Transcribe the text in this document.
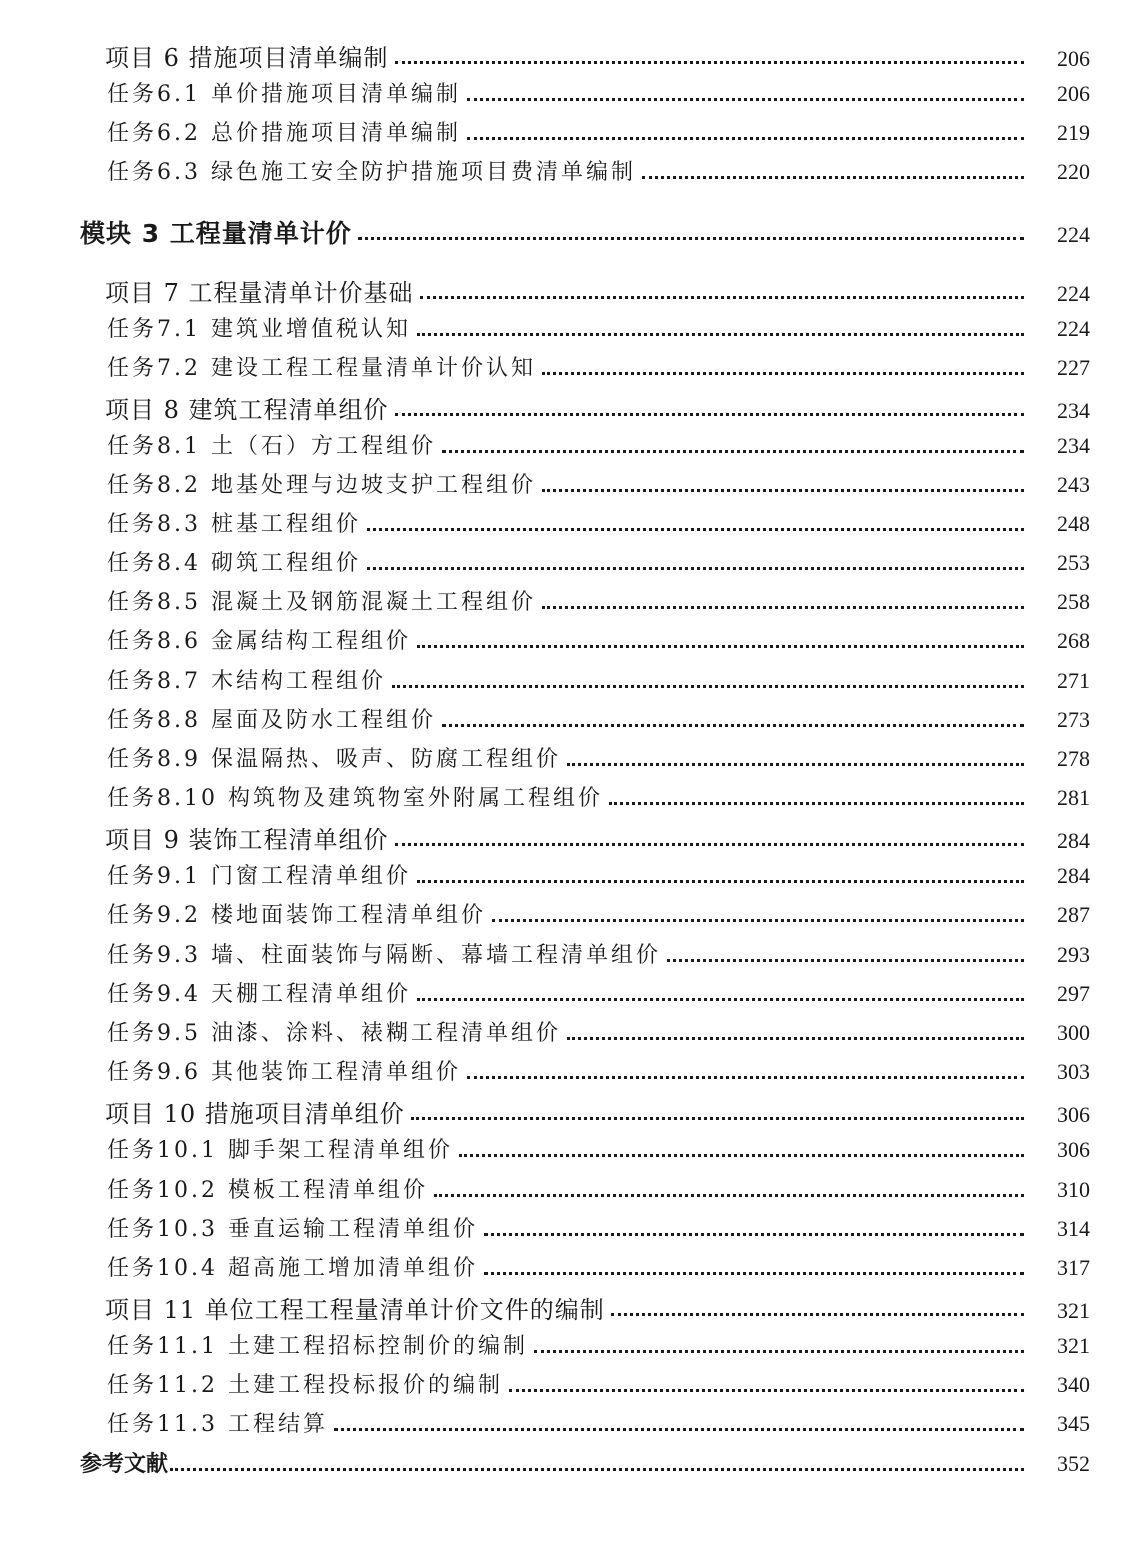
项目 6 措施项目清单编制	206
任务6.1 单价措施项目清单编制	206
任务6.2 总价措施项目清单编制	219
任务6.3 绿色施工安全防护措施项目费清单编制	220
模块 3 工程量清单计价	224
项目 7 工程量清单计价基础	224
任务7.1 建筑业增值税认知	224
任务7.2 建设工程工程量清单计价认知	227
项目 8 建筑工程清单组价	234
任务8.1 土（石）方工程组价	234
任务8.2 地基处理与边坡支护工程组价	243
任务8.3 桩基工程组价	248
任务8.4 砌筑工程组价	253
任务8.5 混凝土及钢筋混凝土工程组价	258
任务8.6 金属结构工程组价	268
任务8.7 木结构工程组价	271
任务8.8 屋面及防水工程组价	273
任务8.9 保温隔热、吸声、防腐工程组价	278
任务8.10 构筑物及建筑物室外附属工程组价	281
项目 9 装饰工程清单组价	284
任务9.1 门窗工程清单组价	284
任务9.2 楼地面装饰工程清单组价	287
任务9.3 墙、柱面装饰与隔断、幕墙工程清单组价	293
任务9.4 天棚工程清单组价	297
任务9.5 油漆、涂料、裱糊工程清单组价	300
任务9.6 其他装饰工程清单组价	303
项目 10 措施项目清单组价	306
任务10.1 脚手架工程清单组价	306
任务10.2 模板工程清单组价	310
任务10.3 垂直运输工程清单组价	314
任务10.4 超高施工增加清单组价	317
项目 11 单位工程工程量清单计价文件的编制	321
任务11.1 土建工程招标控制价的编制	321
任务11.2 土建工程投标报价的编制	340
任务11.3 工程结算	345
参考文献	352
